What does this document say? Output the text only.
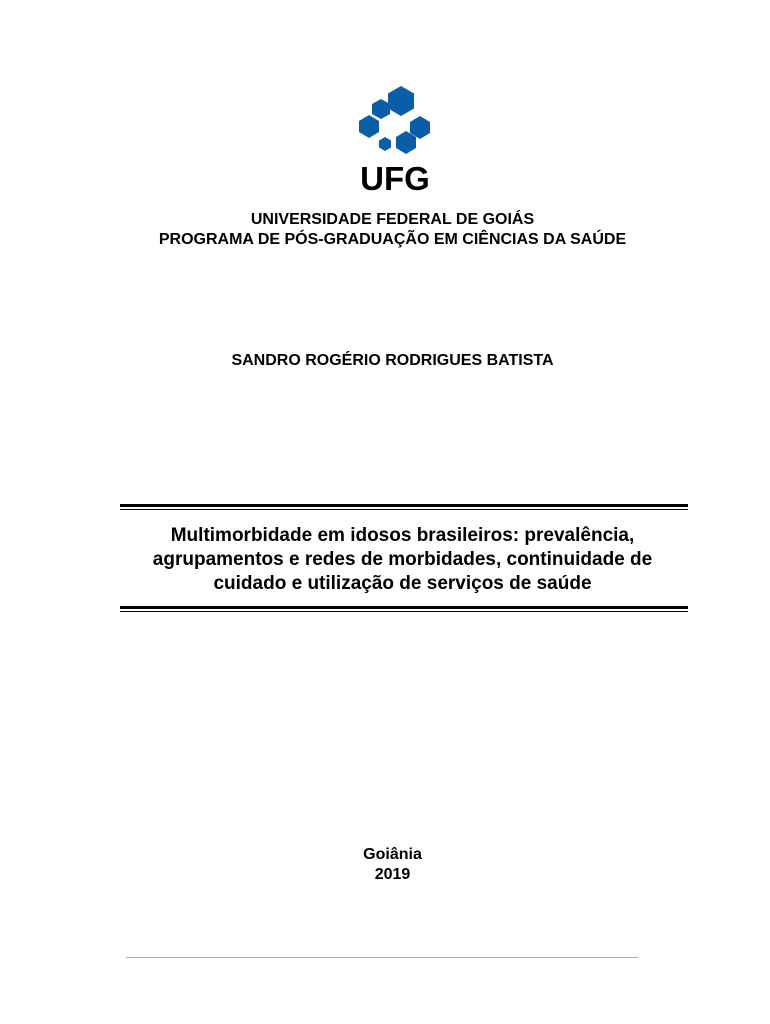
UFG
UNIVERSIDADE FEDERAL DE GOIÁS
PROGRAMA DE PÓS-GRADUAÇÃO EM CIÊNCIAS DA SAÚDE
SANDRO ROGÉRIO RODRIGUES BATISTA
Multimorbidade em idosos brasileiros: prevalência,
agrupamentos e redes de morbidades, continuidade de
cuidado e utilização de serviços de saúde
Goiânia
2019
